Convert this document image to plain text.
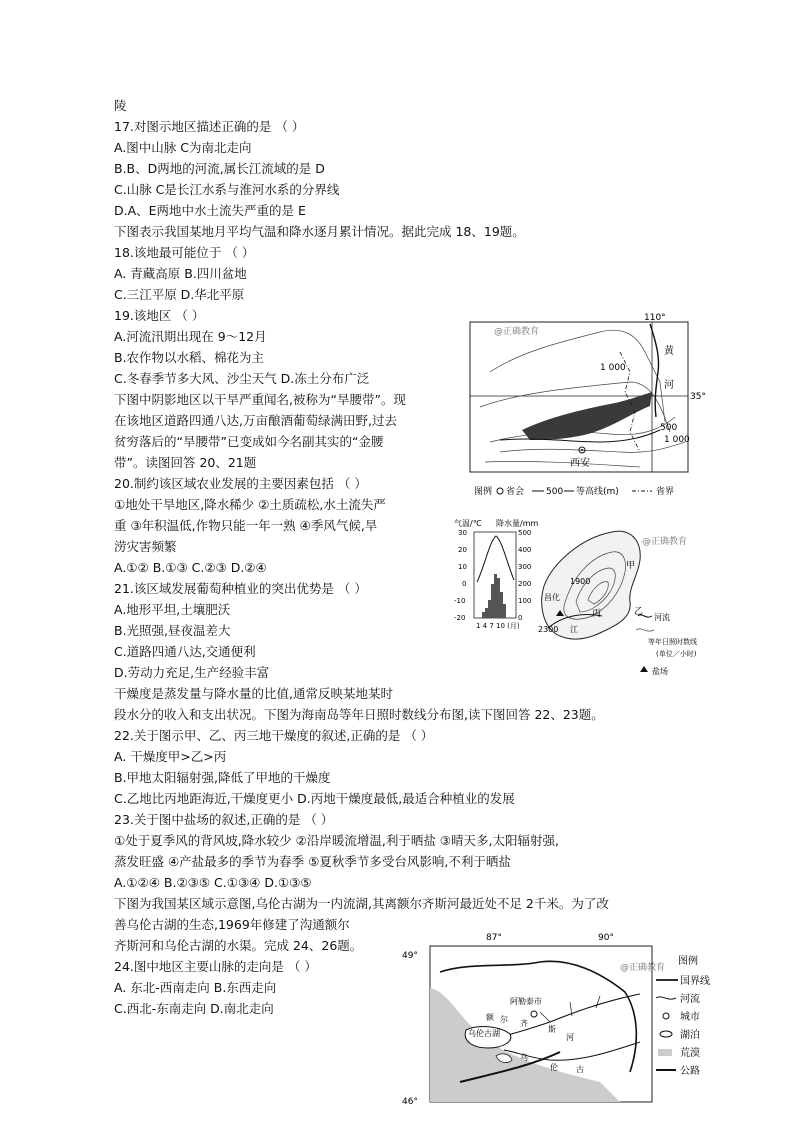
陵
17.对图示地区描述正确的是 （ ）
A.图中山脉 C为南北走向
B.B、D两地的河流,属长江流域的是 D
C.山脉 C是长江水系与淮河水系的分界线
D.A、E两地中水土流失严重的是 E
下图表示我国某地月平均气温和降水逐月累计情况。据此完成 18、19题。
18.该地最可能位于 （ ）
A. 青藏高原 B.四川盆地
C.三江平原 D.华北平原
19.该地区 （ ）
A.河流汛期出现在 9～12月
B.农作物以水稻、棉花为主
C.冬春季节多大风、沙尘天气 D.冻土分布广泛
下图中阴影地区以干旱严重闻名,被称为“旱腰带”。现
在该地区道路四通八达,万亩酿酒葡萄绿满田野,过去
贫穷落后的“旱腰带”已变成如今名副其实的“金腰
带”。读图回答 20、21题
20.制约该区域农业发展的主要因素包括 （ ）
①地处干旱地区,降水稀少 ②土质疏松,水土流失严
重 ③年积温低,作物只能一年一熟 ④季风气候,旱
涝灾害频繁
A.①② B.①③ C.②③ D.②④
21.该区域发展葡萄种植业的突出优势是 （ ）
A.地形平坦,土壤肥沃
B.光照强,昼夜温差大
C.道路四通八达,交通便利
D.劳动力充足,生产经验丰富
干燥度是蒸发量与降水量的比值,通常反映某地某时
段水分的收入和支出状况。下图为海南岛等年日照时数线分布图,读下图回答 22、23题。
22.关于图示甲、乙、丙三地干燥度的叙述,正确的是 （ ）
A. 干燥度甲>乙>丙
B.甲地太阳辐射强,降低了甲地的干燥度
C.乙地比丙地距海近,干燥度更小 D.丙地干燥度最低,最适合种植业的发展
23.关于图中盐场的叙述,正确的是 （ ）
①处于夏季风的背风坡,降水较少 ②沿岸暖流增温,利于晒盐 ③晴天多,太阳辐射强,
蒸发旺盛 ④产盐最多的季节为春季 ⑤夏秋季节多受台风影响,不利于晒盐
A.①②④ B.②③⑤ C.①③④ D.①③⑤
下图为我国某区域示意图,乌伦古湖为一内流湖,其离额尔齐斯河最近处不足 2千米。为了改
善乌伦古湖的生态,1969年修建了沟通额尔
齐斯河和乌伦古湖的水渠。完成 24、26题。
24.图中地区主要山脉的走向是 （ ）
A. 东北-西南走向 B.东西走向
C.西北-东南走向 D.南北走向
110°
35°
@正确教育
1 000
黄
河
500
1 000
西安
图例 省会 500 等高线(m)	省界
气温/℃ 降水量/mm
30
20
10
0
-10
-20
500
400
300
200
100
0
1 4 7 10 (月)
@正确教育
1900
2300 江
昌化
甲
乙
丙	河流
等年日照时数线
(单位／小时)
盐场
87°	90°
49°
46°
阿勒泰市
乌伦古湖
额 尔 齐
斯
河
乌
伦 古
@正确教育
图例
国界线
河流
城市
湖泊
荒漠
公路
